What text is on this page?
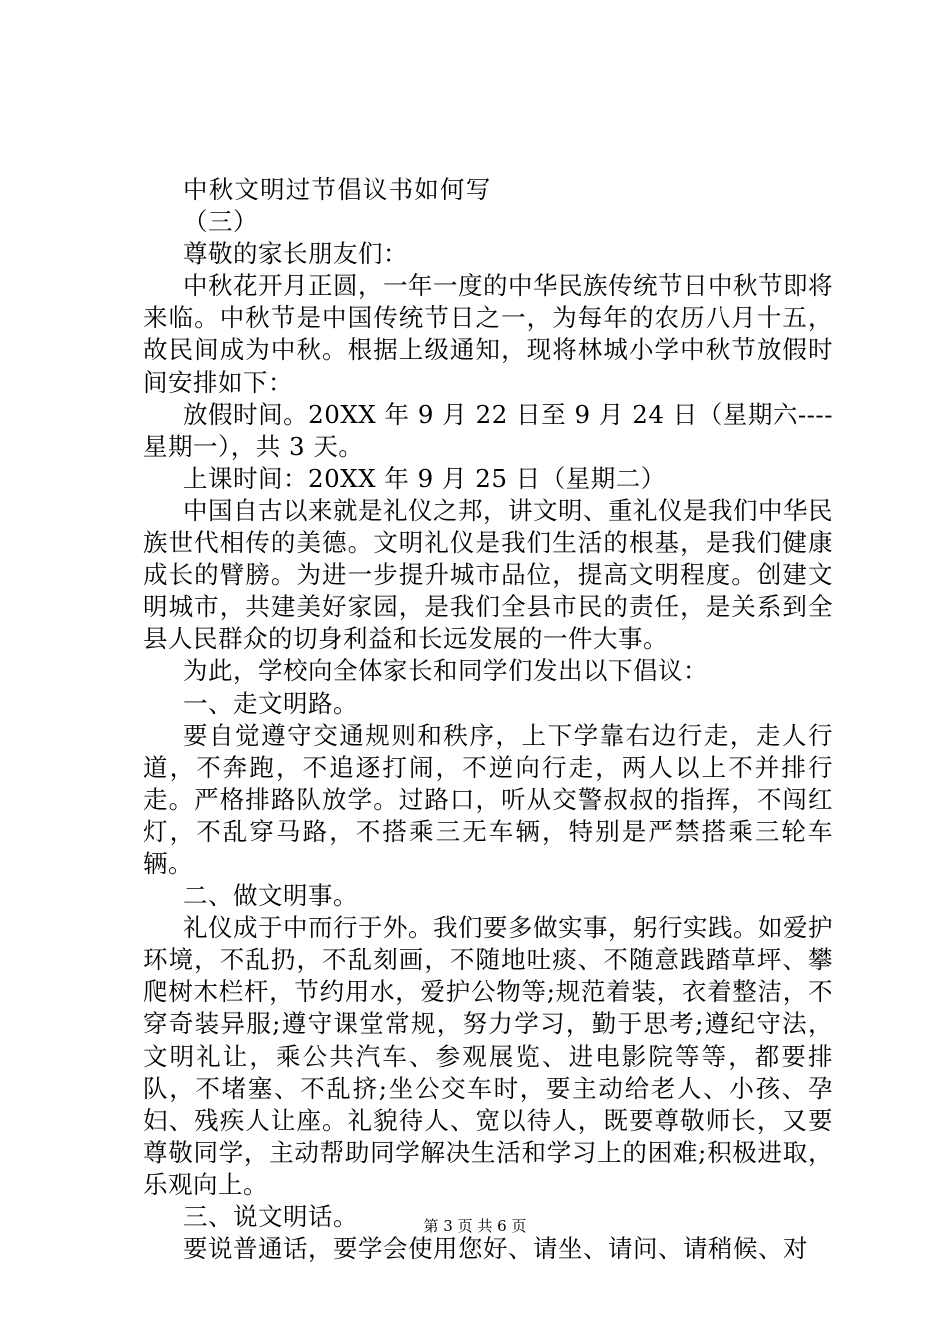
中秋文明过节倡议书如何写

（三）

尊敬的家长朋友们：

中秋花开月正圆，一年一度的中华民族传统节日中秋节即将来临。中秋节是中国传统节日之一，为每年的农历八月十五，故民间成为中秋。根据上级通知，现将林城小学中秋节放假时间安排如下：

放假时间。20XX 年 9 月 22 日至 9 月 24 日（星期六----星期一），共 3 天。

上课时间：20XX 年 9 月 25 日（星期二）

中国自古以来就是礼仪之邦，讲文明、重礼仪是我们中华民族世代相传的美德。文明礼仪是我们生活的根基，是我们健康成长的臂膀。为进一步提升城市品位，提高文明程度。创建文明城市，共建美好家园，是我们全县市民的责任，是关系到全县人民群众的切身利益和长远发展的一件大事。

为此，学校向全体家长和同学们发出以下倡议：

一、走文明路。

要自觉遵守交通规则和秩序，上下学靠右边行走，走人行道，不奔跑，不追逐打闹，不逆向行走，两人以上不并排行走。严格排路队放学。过路口，听从交警叔叔的指挥，不闯红灯，不乱穿马路，不搭乘三无车辆，特别是严禁搭乘三轮车辆。

二、做文明事。

礼仪成于中而行于外。我们要多做实事，躬行实践。如爱护环境，不乱扔，不乱刻画，不随地吐痰、不随意践踏草坪、攀爬树木栏杆，节约用水，爱护公物等;规范着装，衣着整洁，不穿奇装异服;遵守课堂常规，努力学习，勤于思考;遵纪守法，文明礼让，乘公共汽车、参观展览、进电影院等等，都要排队，不堵塞、不乱挤;坐公交车时，要主动给老人、小孩、孕妇、残疾人让座。礼貌待人、宽以待人，既要尊敬师长，又要尊敬同学，主动帮助同学解决生活和学习上的困难;积极进取，乐观向上。

三、说文明话。

要说普通话，要学会使用您好、请坐、请问、请稍候、对

第 3 页 共 6 页
